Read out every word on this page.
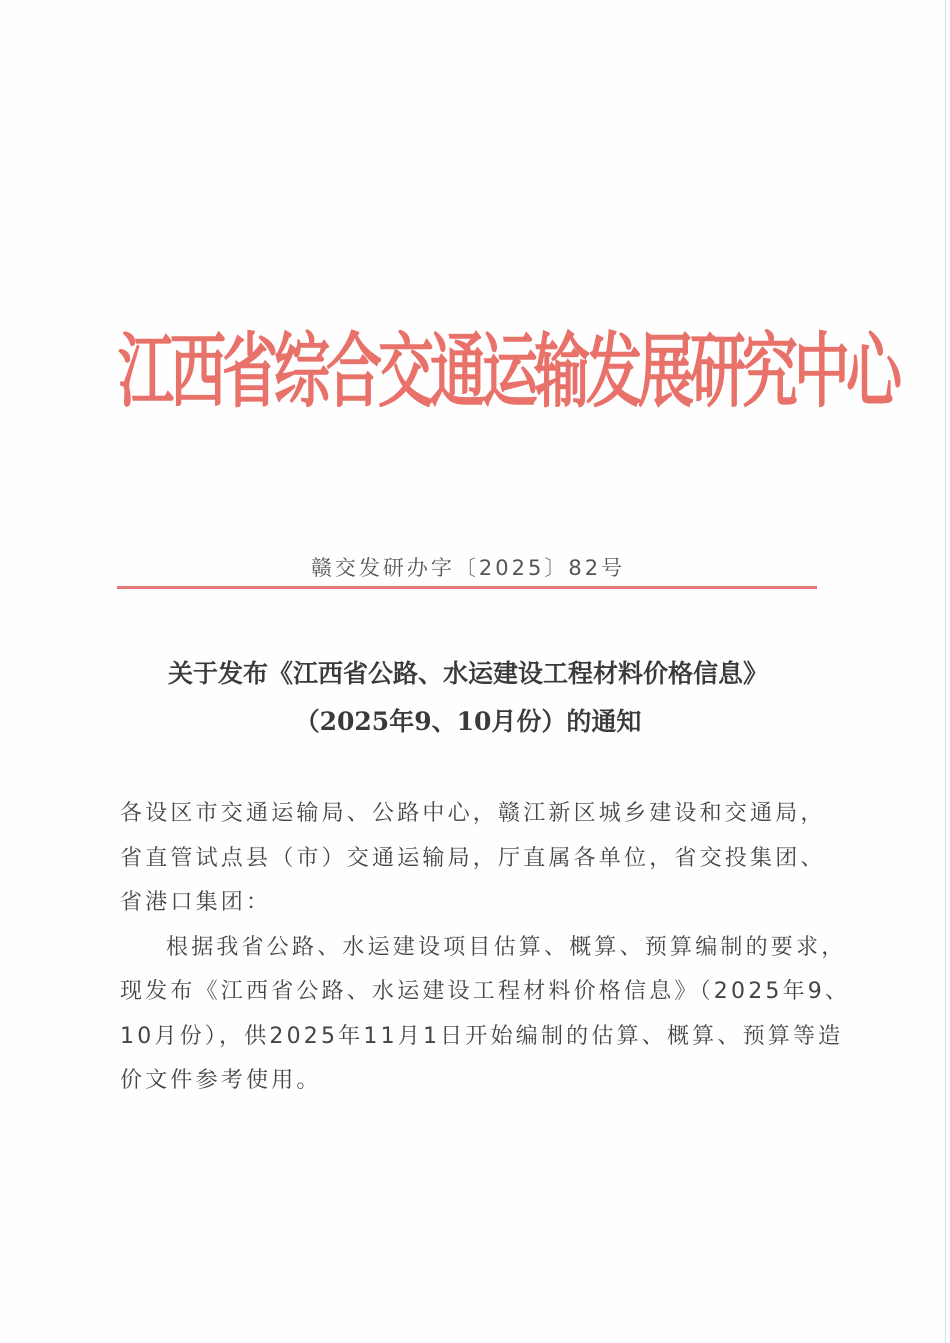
江西省综合交通运输发展研究中心
赣交发研办字〔2025〕82号
关于发布《江西省公路、水运建设工程材料价格信息》
（2025年9、10月份）的通知
各设区市交通运输局、公路中心，赣江新区城乡建设和交通局，
省直管试点县（市）交通运输局，厅直属各单位，省交投集团、
省港口集团：
根据我省公路、水运建设项目估算、概算、预算编制的要求，
现发布《江西省公路、水运建设工程材料价格信息》（2025年9、
10月份），供2025年11月1日开始编制的估算、概算、预算等造
价文件参考使用。
